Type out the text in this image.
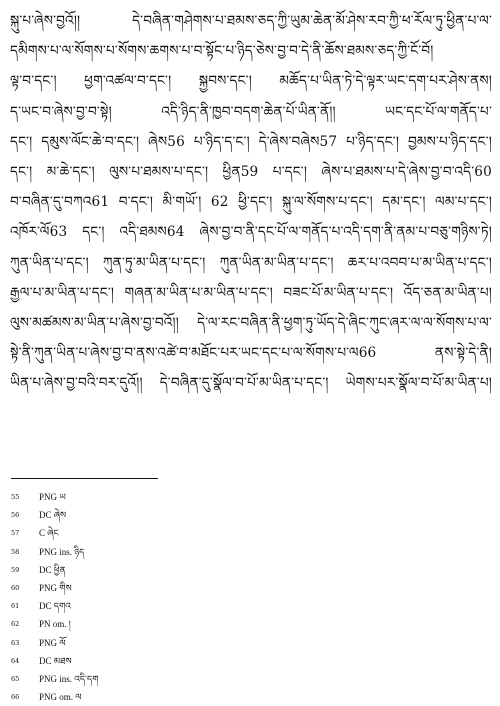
སྐུ་པ་ཞེས་བྱའོ།། དེ་བཞིན་གཤེགས་པ་ཐམས་ཅད་ཀྱི་ཡུམ་ཆེན་མོ་ཤེས་རབ་ཀྱི་ཕ་རོལ་ཏུ་ཕྱིན་པ་ལ་
དམིགས་པ་ལ་སོགས་པ་སོགས་ཆགས་པ་བ་སྟོང་པ་ཉིད་ཅེས་བྱ་བ་དེ་ནི་ཆོས་ཐམས་ཅད་ཀྱི་ངོ་བོ།
ལྟ་བ་དང་། ཕྱག་འཚལ་བ་དང་། སྐྱབས་དང་། མཆོད་པ་ཡིན་ཏེ་དེ་ལྟར་ཡང་དག་པར་ཤེས་ནས།
ད་ཡང་བ་ཞེས་བྱ་བ་སྟེ། འདི་ཉིད་ནི་ཁྱབ་བདག་ཆེན་པོ་ཡིན་ནོ།། ཡང་དང་པོ་ལ་གནོད་པ་
དང་། དམུས་ལོང་ཆེ་བ་དང་། ཞེས56 པ་ཉིད་ད་ང་། དེ་ཞེས་བཞེས57 པ་ཉིད་དང་། བྱམས་པ་ཉིད་དང་།
དང་། མ་ཆེ་དང་། ལུས་པ་ཐམས་པ་དང་། ཕྱིན59 པ་དང་། ཞེས་པ་ཐམས་པ་དེ་ཞེས་བྱ་བ་འདི་60
བ་བཞིན་དུ་བཀའ61 བ་དང་། མི་གཡོ་། 62 ཕྱི་དང་། སྐུ་ལ་སོགས་པ་དང་། དམ་དང་། ལམ་པ་དང་།
འཁོར་ལོ63 དང་། འདི་ཐམས64 ཞེས་བྱ་བ་ནི་དང་པོ་ལ་གནོད་པ་འདི་དག་ནི་ནམ་པ་བཅུ་གཉིས་ཏེ།
ཀུན་ཡིན་པ་དང་། ཀུན་ཏུ་མ་ཡིན་པ་དང་། ཀུན་ཡིན་མ་ཡིན་པ་དང་། ཆར་པ་འབབ་པ་མ་ཡིན་པ་དང་།
རྒྱལ་པ་མ་ཡིན་པ་དང་། གཞན་མ་ཡིན་པ་མ་ཡིན་པ་དང་། བཟང་པོ་མ་ཡིན་པ་དང་། འོད་ཅན་མ་ཡིན་པ།
ལུས་མཚམས་མ་ཡིན་པ་ཞེས་བྱ་བའོ།། དེ་ལ་རང་བཞིན་ནི་ཕྱག་ཏུ་ཡོད་དེ་ཞིང་ཀུང་ཞར་ལ་ལ་སོགས་པ་ལ་
སྟེ་ནི་ཀུན་ཡིན་པ་ཞེས་བྱ་བ་ནས་འཚེ་བ་མཐོང་པར་ཡང་དང་པ་ལ་སོགས་པ་ལ66 ནས་སྟེ་དེ་ནི།
ཡིན་པ་ཞེས་བྱ་བའི་བར་དུའོ།། དེ་བཞིན་དུ་སྣོལ་བ་པོ་མ་ཡིན་པ་དང་། ཡེགས་པར་སྣོལ་བ་པོ་མ་ཡིན་པ།
55	PNG ཡ
56	DC ཞེས
57	C ཞེང
58	PNG ins. ཉིད
59	DC ཕྱིན
60	PNG གིས
61	DC དགའ
62	PN om. །
63	PNG ལོ
64	DC མཐས
65	PNG ins. འདི་དག
66	PNG om. ལ
